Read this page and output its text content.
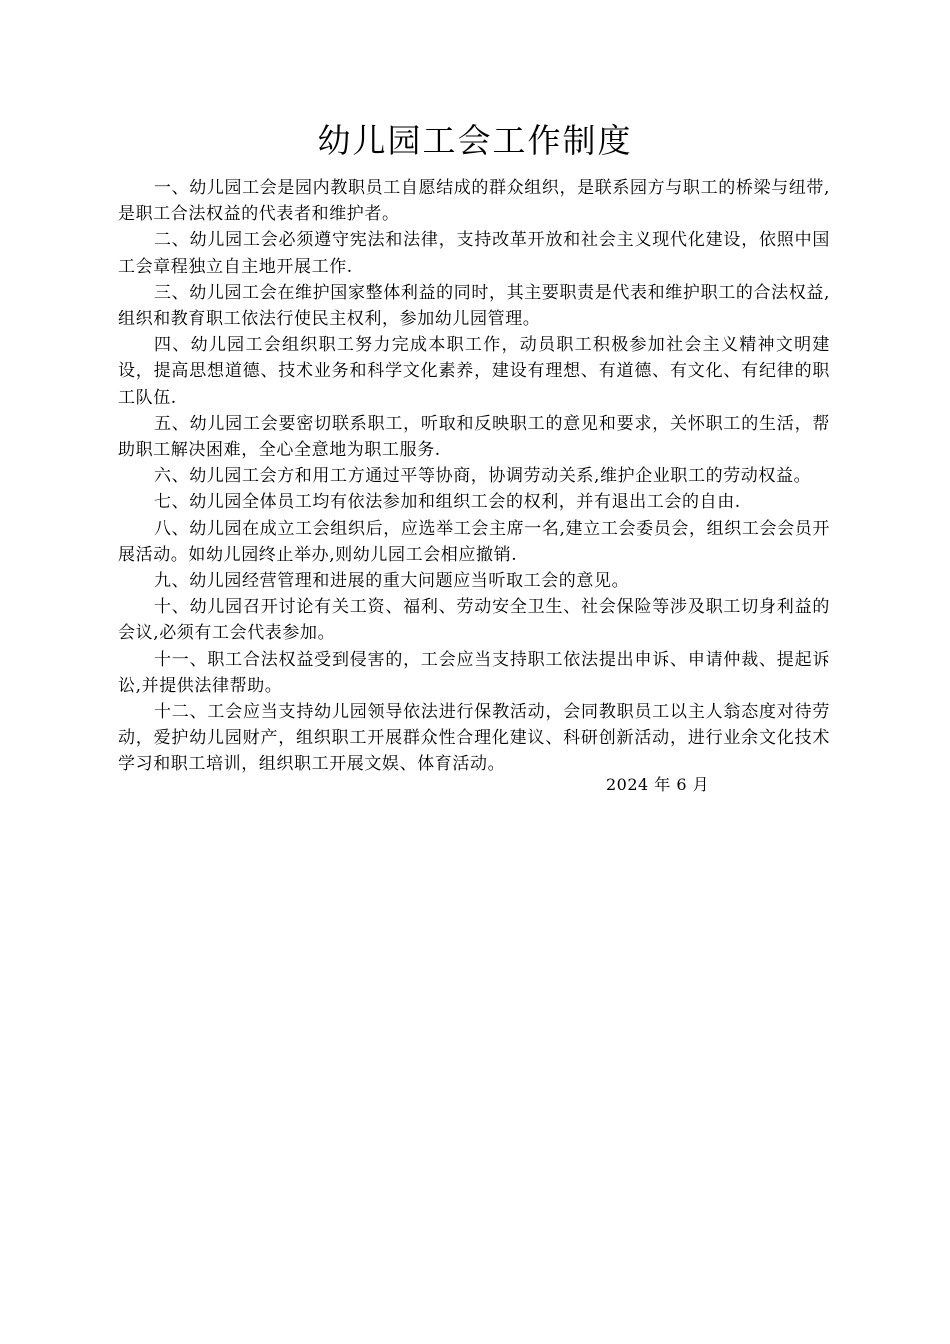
幼儿园工会工作制度

一、幼儿园工会是园内教职员工自愿结成的群众组织，是联系园方与职工的桥梁与纽带,是职工合法权益的代表者和维护者。

二、幼儿园工会必须遵守宪法和法律，支持改革开放和社会主义现代化建设，依照中国工会章程独立自主地开展工作.

三、幼儿园工会在维护国家整体利益的同时，其主要职责是代表和维护职工的合法权益,组织和教育职工依法行使民主权利，参加幼儿园管理。

四、幼儿园工会组织职工努力完成本职工作，动员职工积极参加社会主义精神文明建设，提高思想道德、技术业务和科学文化素养，建设有理想、有道德、有文化、有纪律的职工队伍.

五、幼儿园工会要密切联系职工，听取和反映职工的意见和要求，关怀职工的生活，帮助职工解决困难，全心全意地为职工服务.

六、幼儿园工会方和用工方通过平等协商，协调劳动关系,维护企业职工的劳动权益。

七、幼儿园全体员工均有依法参加和组织工会的权利，并有退出工会的自由.

八、幼儿园在成立工会组织后，应选举工会主席一名,建立工会委员会，组织工会会员开展活动。如幼儿园终止举办,则幼儿园工会相应撤销.

九、幼儿园经营管理和进展的重大问题应当听取工会的意见。

十、幼儿园召开讨论有关工资、福利、劳动安全卫生、社会保险等涉及职工切身利益的会议,必须有工会代表参加。

十一、职工合法权益受到侵害的，工会应当支持职工依法提出申诉、申请仲裁、提起诉讼,并提供法律帮助。

十二、工会应当支持幼儿园领导依法进行保教活动，会同教职员工以主人翁态度对待劳动，爱护幼儿园财产，组织职工开展群众性合理化建议、科研创新活动，进行业余文化技术学习和职工培训，组织职工开展文娱、体育活动。

2024 年 6 月
